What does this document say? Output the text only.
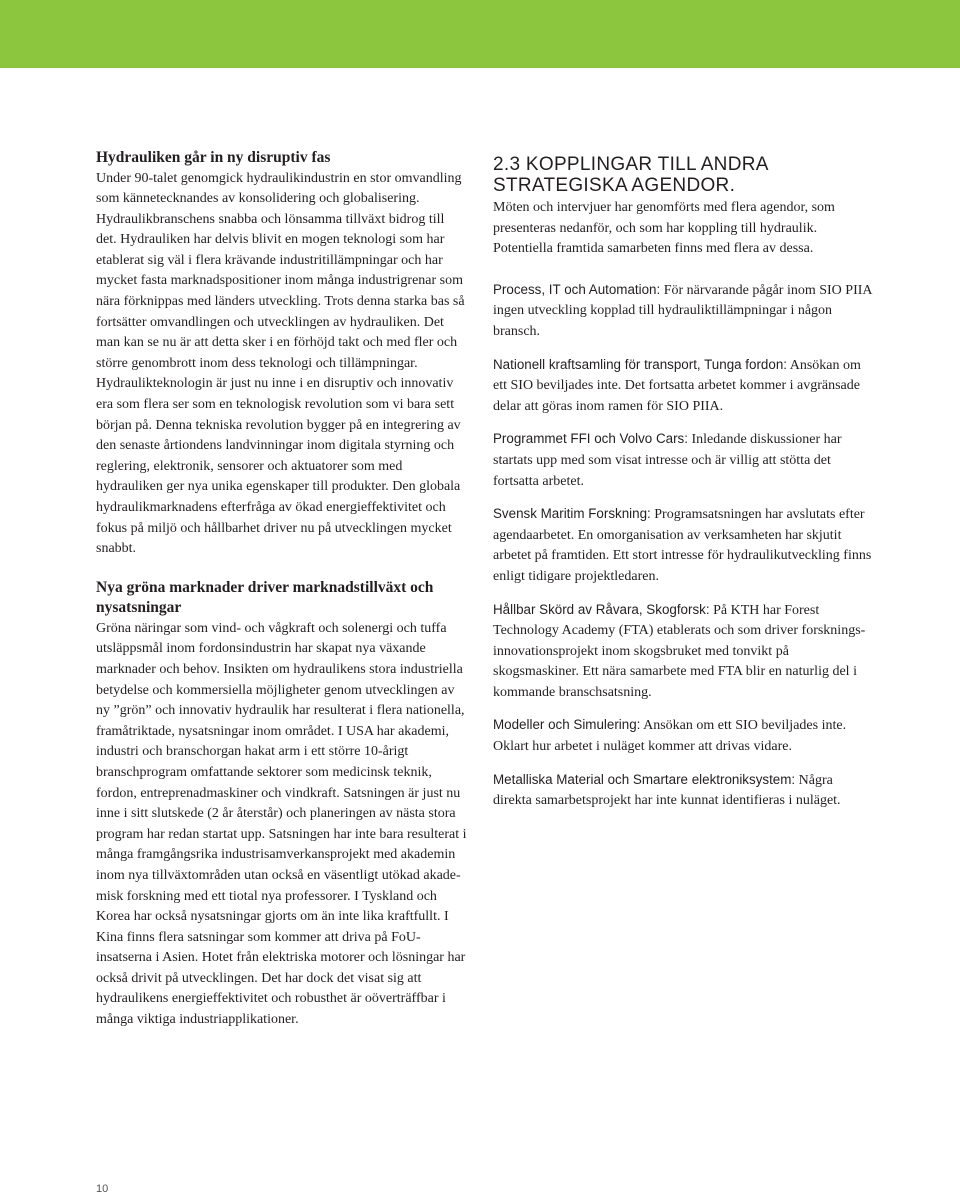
Hydrauliken går in ny disruptiv fas

Under 90-talet genomgick hydraulikindustrin en stor omvandling som kännetecknandes av konsolidering och globalisering. Hydraulikbranschens snabba och lönsamma tillväxt bidrog till det. Hydrauliken har delvis blivit en mogen teknologi som har etablerat sig väl i flera krävande industritillämpningar och har mycket fasta marknadspositioner inom många industrigrenar som nära förknippas med länders utveckling. Trots denna starka bas så fortsätter omvandlingen och utvecklingen av hydrauliken. Det man kan se nu är att detta sker i en förhöjd takt och med fler och större genombrott inom dess teknologi och tillämpningar. Hydraulikteknologin är just nu inne i en disruptiv och innovativ era som flera ser som en teknologisk revolution som vi bara sett början på. Denna tekniska revolution bygger på en integrering av den senaste årtiondens landvinningar inom digitala styrning och reglering, elektronik, sensorer och aktuatorer som med hydrauliken ger nya unika egenskaper till produkter. Den globala hydraulikmarknadens efterfråga av ökad energieffektivitet och fokus på miljö och hållbarhet driver nu på utvecklingen mycket snabbt.

Nya gröna marknader driver marknadstillväxt och nysatsningar

Gröna näringar som vind- och vågkraft och solenergi och tuffa utsläppsmål inom fordonsindustrin har skapat nya växande marknader och behov. Insikten om hydraulikens stora industriella betydelse och kommersiella möjligheter genom utvecklingen av ny ”grön” och innovativ hydraulik har resulterat i flera nationella, framåtriktade, nysatsningar inom området. I USA har akademi, industri och branschorgan hakat arm i ett större 10-årigt branschprogram omfattande sektorer som medicinsk teknik, fordon, entreprenadmaskiner och vindkraft. Satsningen är just nu inne i sitt slutskede (2 år återstår) och planeringen av nästa stora program har redan startat upp. Satsningen har inte bara resulterat i många framgångsrika industrisamverkansprojekt med akademin inom nya tillväxtområden utan också en väsentligt utökad akademisk forskning med ett tiotal nya professorer. I Tyskland och Korea har också nysatsningar gjorts om än inte lika kraftfullt. I Kina finns flera satsningar som kommer att driva på FoU-insatserna i Asien. Hotet från elektriska motorer och lösningar har också drivit på utvecklingen. Det har dock det visat sig att hydraulikens energieffektivitet och robusthet är oöverträffbar i många viktiga industriapplikationer.

2.3 KOPPLINGAR TILL ANDRA STRATEGISKA AGENDOR.

Möten och intervjuer har genomförts med flera agendor, som presenteras nedanför, och som har koppling till hydraulik. Potentiella framtida samarbeten finns med flera av dessa.

Process, IT och Automation: För närvarande pågår inom SIO PIIA ingen utveckling kopplad till hydrauliktillämpningar i någon bransch.

Nationell kraftsamling för transport, Tunga fordon: Ansökan om ett SIO beviljades inte. Det fortsatta arbetet kommer i avgränsade delar att göras inom ramen för SIO PIIA.

Programmet FFI och Volvo Cars: Inledande diskussioner har startats upp med som visat intresse och är villig att stötta det fortsatta arbetet.

Svensk Maritim Forskning: Programsatsningen har avslutats efter agendaarbetet. En omorganisation av verksamheten har skjutit arbetet på framtiden. Ett stort intresse för hydraulikutveckling finns enligt tidigare projektledaren.

Hållbar Skörd av Råvara, Skogforsk: På KTH har Forest Technology Academy (FTA) etablerats och som driver forsknings- innovationsprojekt inom skogsbruket med tonvikt på skogsmaskiner. Ett nära samarbete med FTA blir en naturlig del i kommande branschsatsning.

Modeller och Simulering: Ansökan om ett SIO beviljades inte. Oklart hur arbetet i nuläget kommer att drivas vidare.

Metalliska Material och Smartare elektroniksystem: Några direkta samarbetsprojekt har inte kunnat identifieras i nuläget.

10
